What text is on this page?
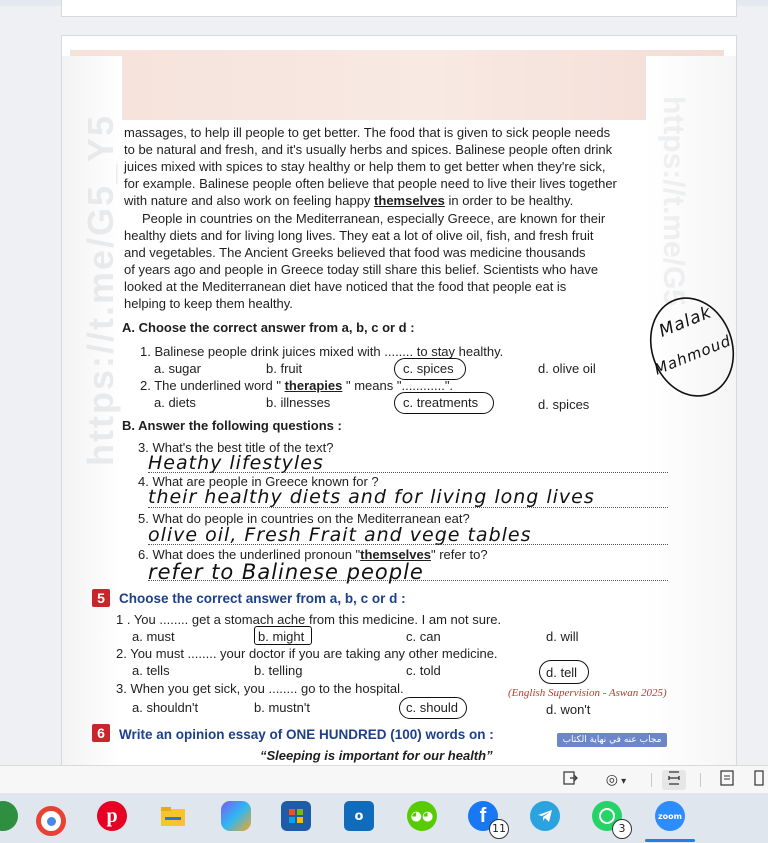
https://t.me/G5_Y5	https://t.me/G5
massages, to help ill people to get better. The food that is given to sick people needs
to be natural and fresh, and it's usually herbs and spices. Balinese people often drink
juices mixed with spices to stay healthy or help them to get better when they're sick,
for example. Balinese people often believe that people need to live their lives together
with nature and also work on feeling happy themselves in order to be healthy.
People in countries on the Mediterranean, especially Greece, are known for their
healthy diets and for living long lives. They eat a lot of olive oil, fish, and fresh fruit
and vegetables. The Ancient Greeks believed that food was medicine thousands
of years ago and people in Greece today still share this belief. Scientists who have
looked at the Mediterranean diet have noticed that the food that people eat is
helping to keep them healthy.
A. Choose the correct answer from a, b, c or d :
1. Balinese people drink juices mixed with ........ to stay healthy.
a. sugar	b. fruit	c. spices	d. olive oil
2. The underlined word " therapies " means "............".
a. diets	b. illnesses	c. treatments	d. spices
Malak
Mahmoud
B. Answer the following questions :
3. What's the best title of the text?
Heathy lifestyles
4. What are people in Greece known for ?
their healthy diets and for living long lives
5. What do people in countries on the Mediterranean eat?
olive oil, Fresh Frait and vege tables
6. What does the underlined pronoun "themselves" refer to?
refer to Balinese people
5	Choose the correct answer from a, b, c or d :
1 . You ........ get a stomach ache from this medicine. I am not sure.
a. must	b. might	c. can	d. will
2. You must ........ your doctor if you are taking any other medicine.
a. tells	b. telling	c. told	d. tell
3. When you get sick, you ........ go to the hospital.	(English Supervision - Aswan 2025)
a. shouldn't	b. mustn't	c. should	d. won't
6	Write an opinion essay of ONE HUNDRED (100) words on :	مجاب عنه في نهاية الكتاب
“Sleeping is important for our health”
◎ ▾
p	o	◕◕	f
11	3
zoom
